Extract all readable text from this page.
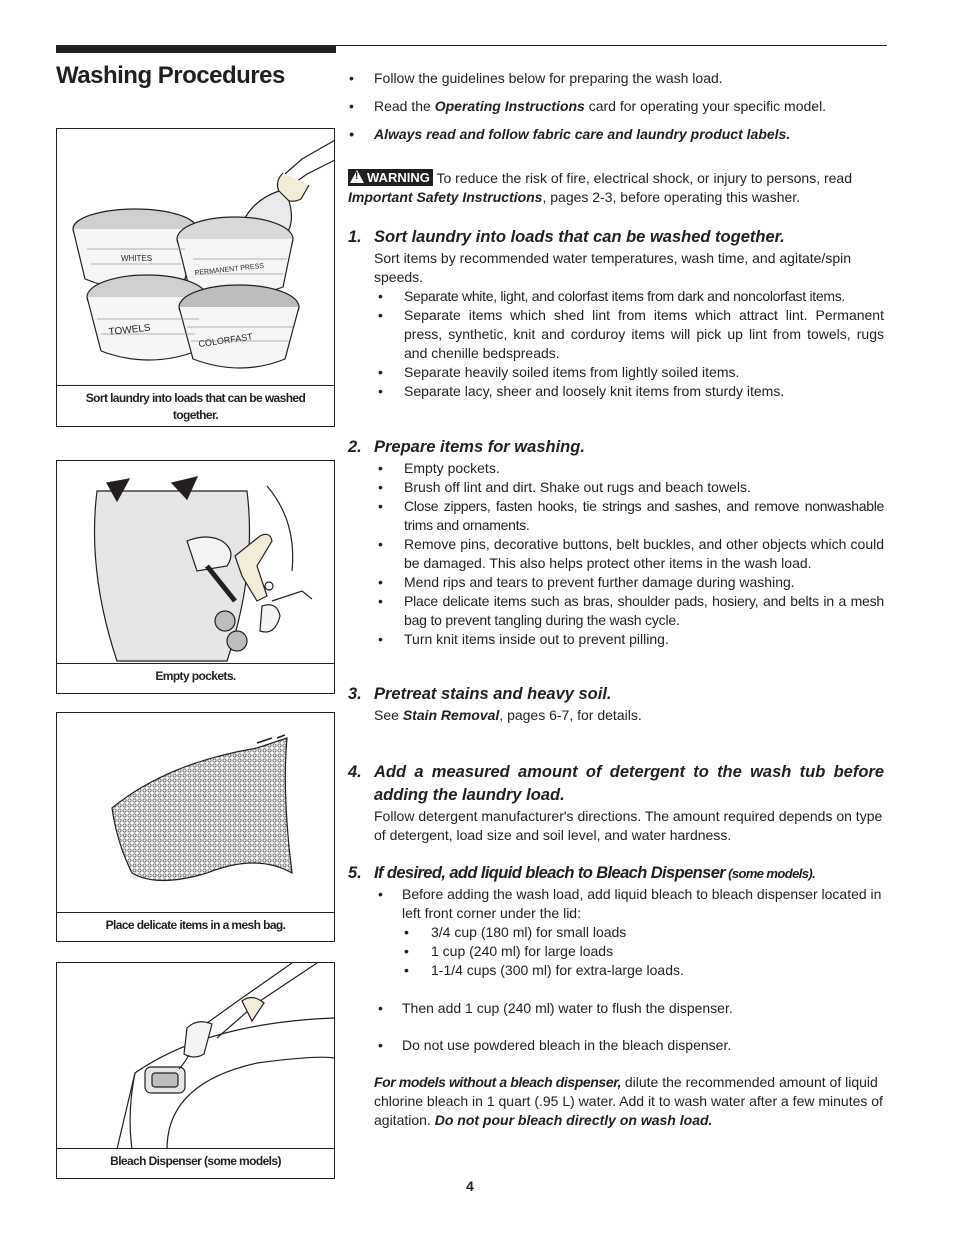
Washing Procedures
WHITES
PERMANENT PRESS
TOWELS
COLORFAST
Sort laundry into loads that can be washed together.
Empty pockets.
Place delicate items in a mesh bag.
Bleach Dispenser (some models)

• Follow the guidelines below for preparing the wash load.

• Read the Operating Instructions card for operating your specific model.

• Always read and follow fabric care and laundry product labels.

!WARNING To reduce the risk of fire, electrical shock, or injury to persons, read
Important Safety Instructions, pages 2-3, before operating this washer.

1. Sort laundry into loads that can be washed together.

Sort items by recommended water temperatures, wash time, and agitate/spin speeds.

• Separate white, light, and colorfast items from dark and noncolorfast items.

• Separate items which shed lint from items which attract lint. Permanent press, synthetic, knit and corduroy items will pick up lint from towels, rugs and chenille bedspreads.

• Separate heavily soiled items from lightly soiled items.

• Separate lacy, sheer and loosely knit items from sturdy items.

2. Prepare items for washing.

• Empty pockets.

• Brush off lint and dirt. Shake out rugs and beach towels.

• Close zippers, fasten hooks, tie strings and sashes, and remove nonwashable trims and ornaments.

• Remove pins, decorative buttons, belt buckles, and other objects which could be damaged. This also helps protect other items in the wash load.

• Mend rips and tears to prevent further damage during washing.

• Place delicate items such as bras, shoulder pads, hosiery, and belts in a mesh bag to prevent tangling during the wash cycle.

• Turn knit items inside out to prevent pilling.

3. Pretreat stains and heavy soil.

See Stain Removal, pages 6-7, for details.

4. Add a measured amount of detergent to the wash tub before adding the laundry load.

Follow detergent manufacturer's directions. The amount required depends on type of detergent, load size and soil level, and water hardness.

5. If desired, add liquid bleach to Bleach Dispenser (some models).

• Before adding the wash load, add liquid bleach to bleach dispenser located in left front corner under the lid:

• 3/4 cup (180 ml) for small loads

• 1 cup (240 ml) for large loads

• 1-1/4 cups (300 ml) for extra-large loads.

• Then add 1 cup (240 ml) water to flush the dispenser.

• Do not use powdered bleach in the bleach dispenser.

For models without a bleach dispenser, dilute the recommended amount of liquid chlorine bleach in 1 quart (.95 L) water. Add it to wash water after a few minutes of agitation. Do not pour bleach directly on wash load.

4
